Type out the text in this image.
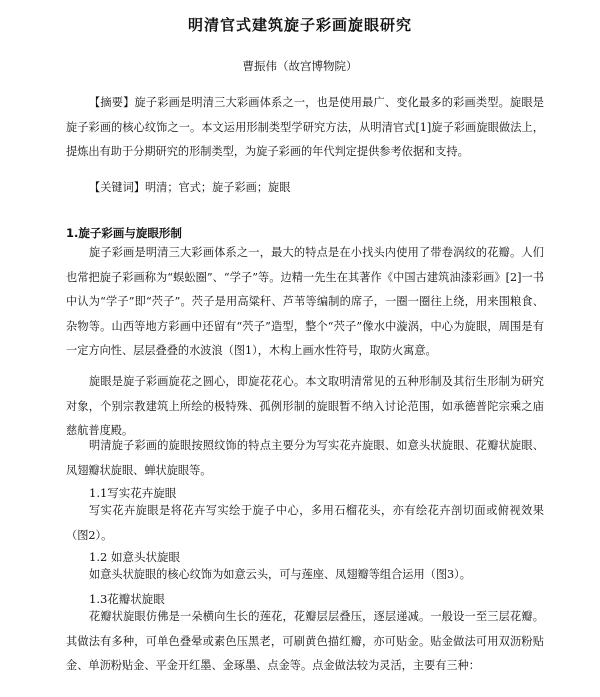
明清官式建筑旋子彩画旋眼研究
曹振伟（故宫博物院）

【摘要】旋子彩画是明清三大彩画体系之一，也是使用最广、变化最多的彩画类型。旋眼是旋子彩画的核心纹饰之一。本文运用形制类型学研究方法，从明清官式[1]旋子彩画旋眼做法上，提炼出有助于分期研究的形制类型，为旋子彩画的年代判定提供参考依据和支持。

【关键词】明清；官式；旋子彩画；旋眼

1.旋子彩画与旋眼形制

旋子彩画是明清三大彩画体系之一，最大的特点是在小找头内使用了带卷涡纹的花瓣。人们也常把旋子彩画称为“蜈蚣圈”、“学子”等。边精一先生在其著作《中国古建筑油漆彩画》[2]一书中认为“学子”即“茓子”。茓子是用高粱秆、芦苇等编制的席子，一圈一圈往上绕，用来围粮食、杂物等。山西等地方彩画中还留有“茓子”造型，整个“茓子”像水中漩涡，中心为旋眼，周围是有一定方向性、层层叠叠的水波浪（图1），木构上画水性符号，取防火寓意。

旋眼是旋子彩画旋花之圆心，即旋花花心。本文取明清常见的五种形制及其衍生形制为研究对象，个别宗教建筑上所绘的极特殊、孤例形制的旋眼暂不纳入讨论范围，如承德普陀宗乘之庙慈航普度殿。

明清旋子彩画的旋眼按照纹饰的特点主要分为写实花卉旋眼、如意头状旋眼、花瓣状旋眼、凤翅瓣状旋眼、蝉状旋眼等。

1.1写实花卉旋眼

写实花卉旋眼是将花卉写实绘于旋子中心，多用石榴花头，亦有绘花卉剖切面或俯视效果（图2）。

1.2 如意头状旋眼

如意头状旋眼的核心纹饰为如意云头，可与莲座、凤翅瓣等组合运用（图3）。

1.3花瓣状旋眼

花瓣状旋眼仿佛是一朵横向生长的莲花，花瓣层层叠压，逐层递减。一般设一至三层花瓣。其做法有多种，可单色叠晕或素色压黑老，可刷黄色描红瓣，亦可贴金。贴金做法可用双沥粉贴金、单沥粉贴金、平金开红墨、金琢墨、点金等。点金做法较为灵活，主要有三种：
